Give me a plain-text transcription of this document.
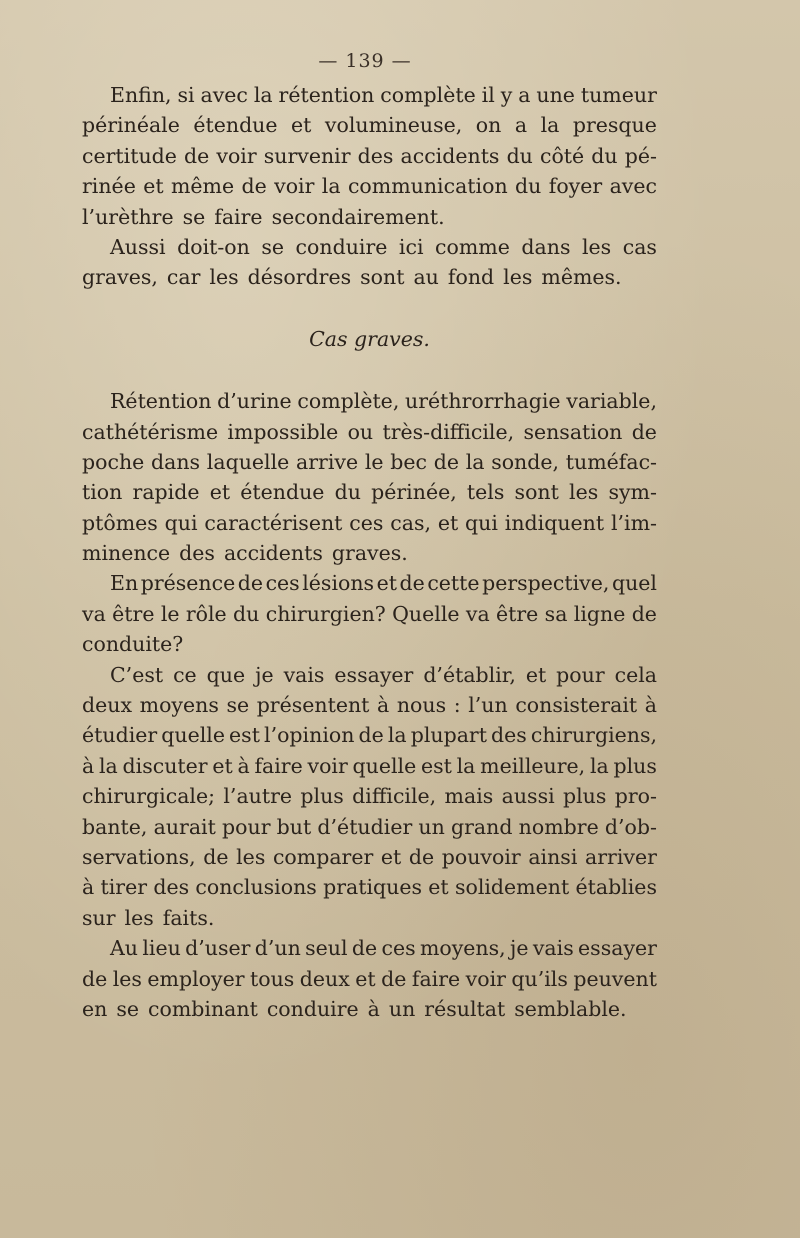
— 139 —
Enfin, si avec la rétention complète il y a une tumeur
périnéale étendue et volumineuse, on a la presque
certitude de voir survenir des accidents du côté du pé-
rinée et même de voir la communication du foyer avec
l’urèthre se faire secondairement.
Aussi doit-on se conduire ici comme dans les cas
graves, car les désordres sont au fond les mêmes.
Cas graves.
Rétention d’urine complète, uréthrorrhagie variable,
cathétérisme impossible ou très-difficile, sensation de
poche dans laquelle arrive le bec de la sonde, tuméfac-
tion rapide et étendue du périnée, tels sont les sym-
ptômes qui caractérisent ces cas, et qui indiquent l’im-
minence des accidents graves.
En présence de ces lésions et de cette perspective, quel
va être le rôle du chirurgien? Quelle va être sa ligne de
conduite?
C’est ce que je vais essayer d’établir, et pour cela
deux moyens se présentent à nous : l’un consisterait à
étudier quelle est l’opinion de la plupart des chirurgiens,
à la discuter et à faire voir quelle est la meilleure, la plus
chirurgicale; l’autre plus difficile, mais aussi plus pro-
bante, aurait pour but d’étudier un grand nombre d’ob-
servations, de les comparer et de pouvoir ainsi arriver
à tirer des conclusions pratiques et solidement établies
sur les faits.
Au lieu d’user d’un seul de ces moyens, je vais essayer
de les employer tous deux et de faire voir qu’ils peuvent
en se combinant conduire à un résultat semblable.
